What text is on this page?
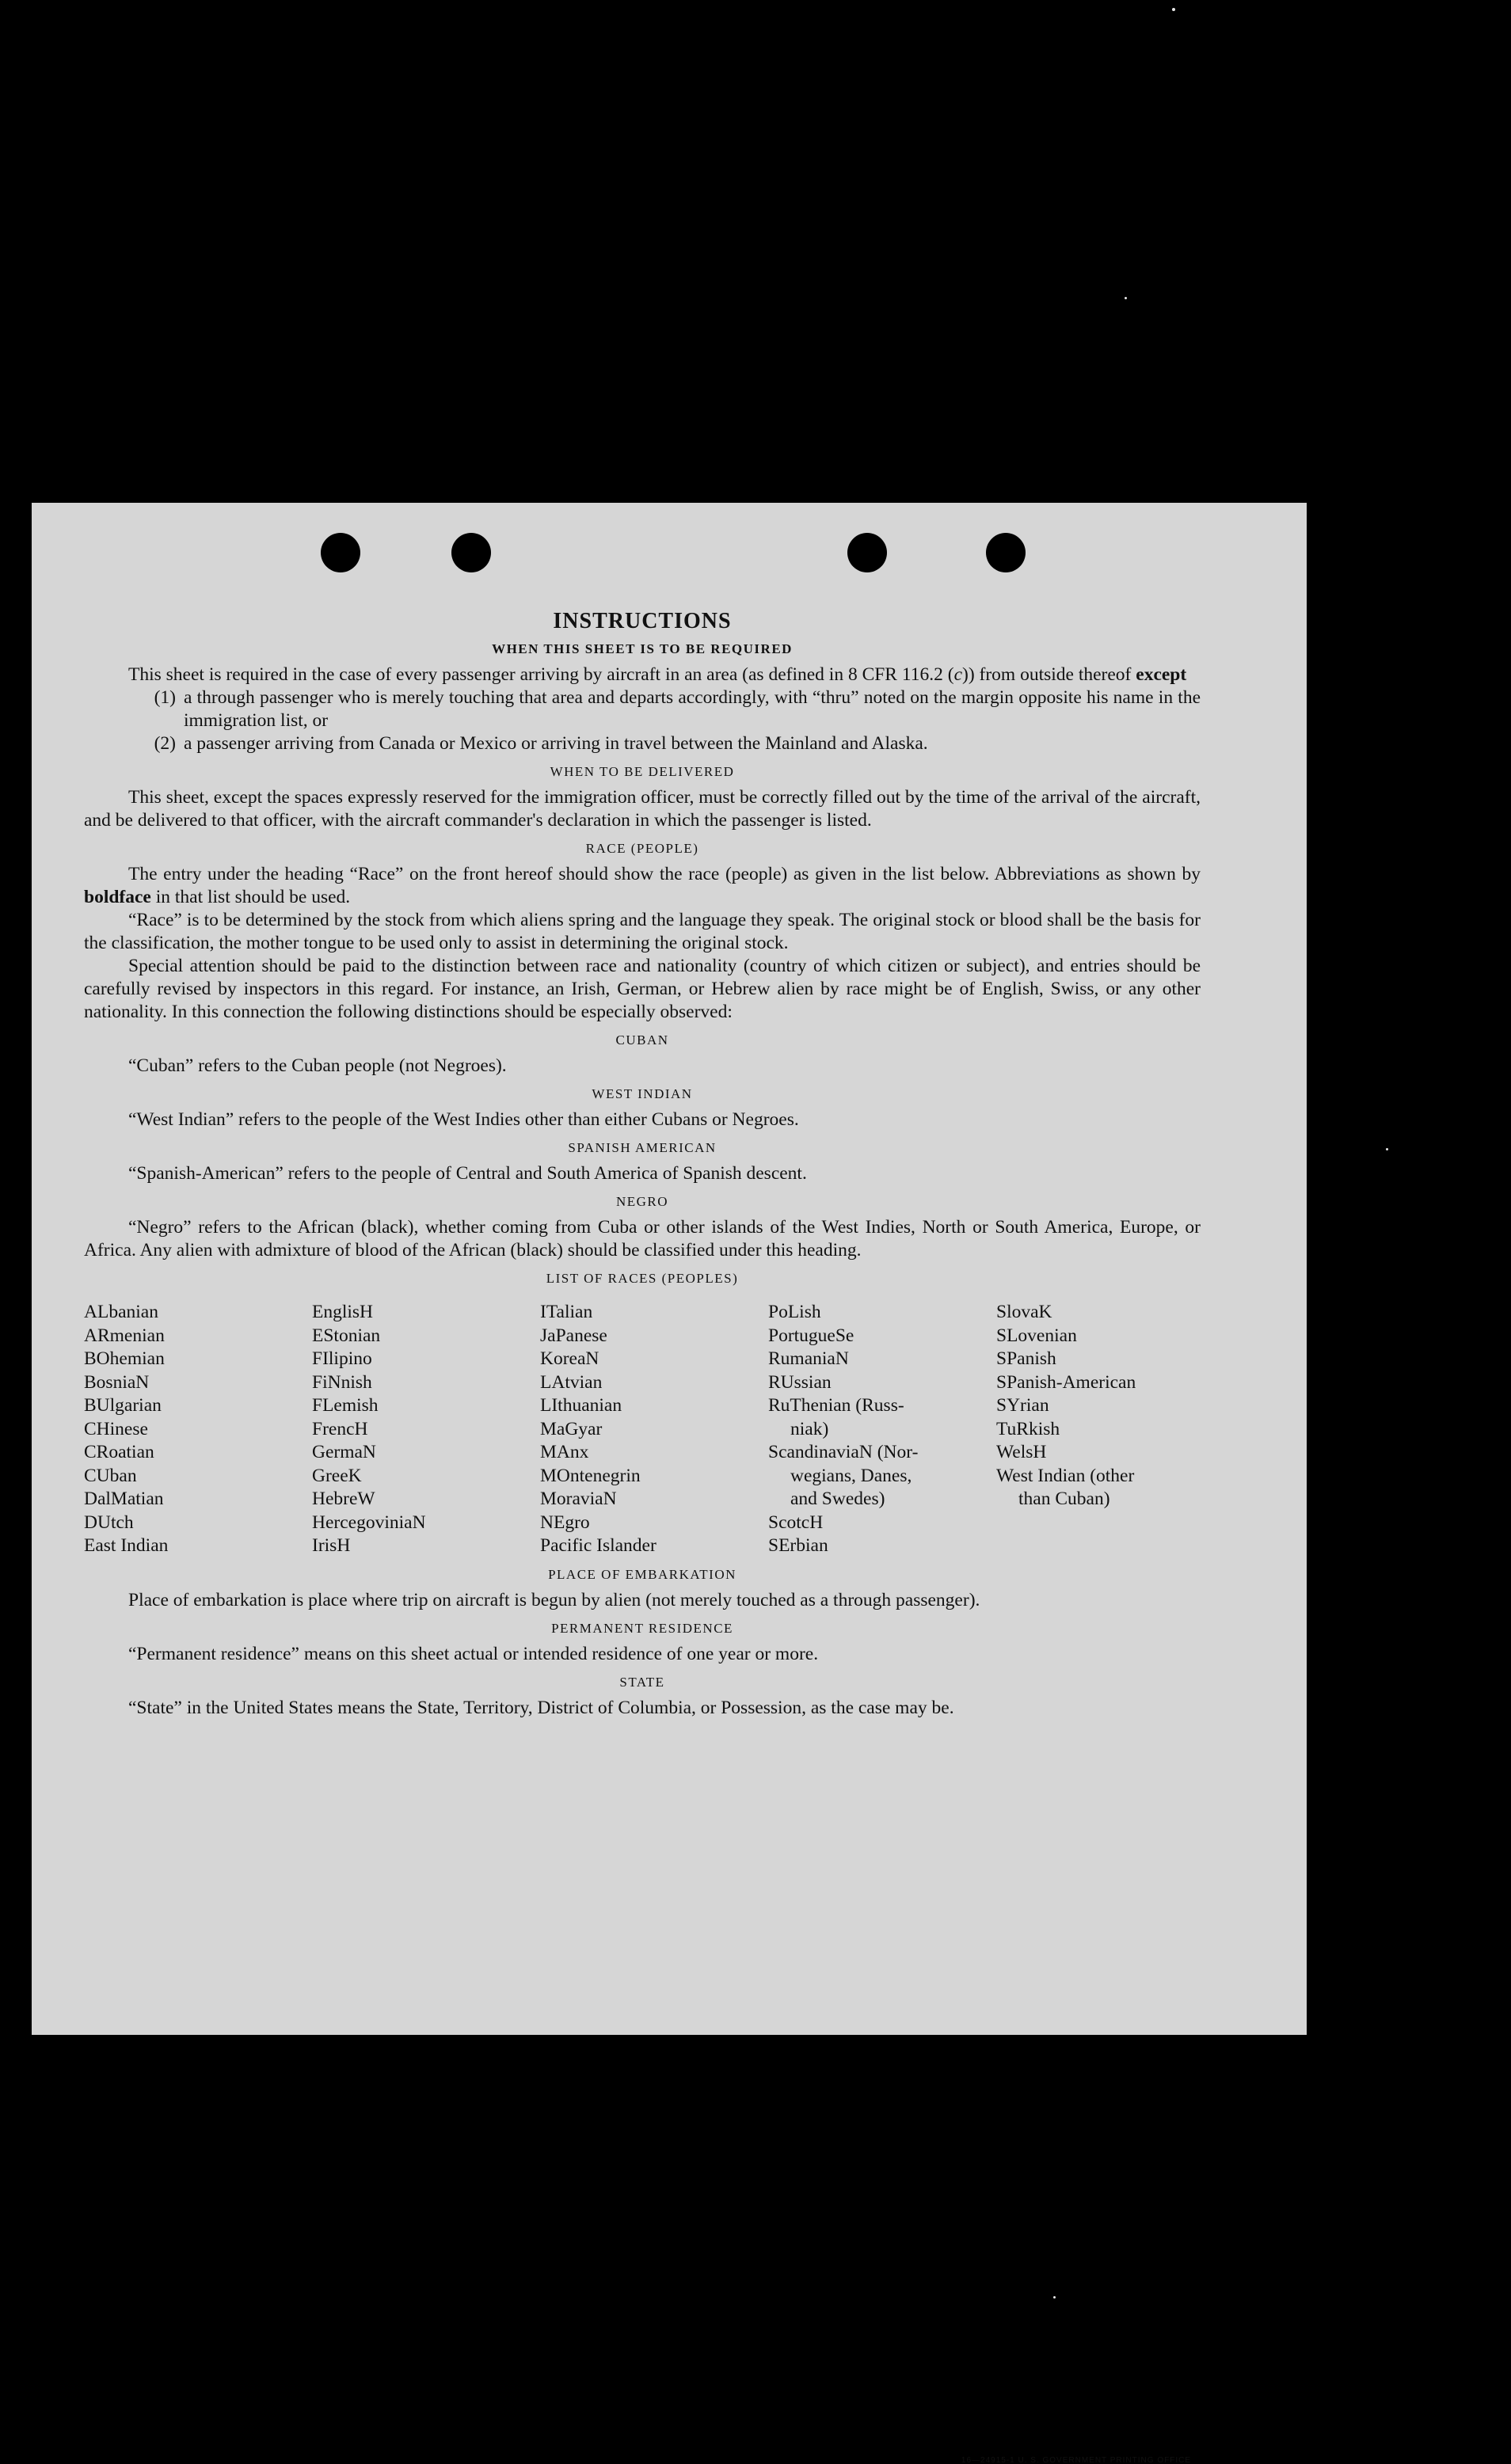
INSTRUCTIONS
WHEN THIS SHEET IS TO BE REQUIRED

This sheet is required in the case of every passenger arriving by aircraft in an area (as defined in 8 CFR 116.2 (c)) from outside thereof except

(1) a through passenger who is merely touching that area and departs accordingly, with “thru” noted on the margin opposite his name in the immigration list, or
(2) a passenger arriving from Canada or Mexico or arriving in travel between the Mainland and Alaska.
WHEN TO BE DELIVERED

This sheet, except the spaces expressly reserved for the immigration officer, must be correctly filled out by the time of the arrival of the aircraft, and be delivered to that officer, with the aircraft commander's declaration in which the passenger is listed.

RACE (PEOPLE)

The entry under the heading “Race” on the front hereof should show the race (people) as given in the list below. Abbreviations as shown by boldface in that list should be used.

“Race” is to be determined by the stock from which aliens spring and the language they speak. The original stock or blood shall be the basis for the classification, the mother tongue to be used only to assist in determining the original stock.

Special attention should be paid to the distinction between race and nationality (country of which citizen or subject), and entries should be carefully revised by inspectors in this regard. For instance, an Irish, German, or Hebrew alien by race might be of English, Swiss, or any other nationality. In this connection the following distinctions should be especially observed:

CUBAN

“Cuban” refers to the Cuban people (not Negroes).

WEST INDIAN

“West Indian” refers to the people of the West Indies other than either Cubans or Negroes.

SPANISH AMERICAN

“Spanish-American” refers to the people of Central and South America of Spanish descent.

NEGRO

“Negro” refers to the African (black), whether coming from Cuba or other islands of the West Indies, North or South America, Europe, or Africa. Any alien with admixture of blood of the African (black) should be classified under this heading.

LIST OF RACES (PEOPLES)
ALbanian
ARmenian
BOhemian
BosniaN
BUlgarian
CHinese
CRoatian
CUban
DalMatian
DUtch
East Indian
EnglisH
EStonian
FIlipino
FiNnish
FLemish
FrencH
GermaN
GreeK
HebreW
HercegoviniaN
IrisH
ITalian
JaPanese
KoreaN
LAtvian
LIthuanian
MaGyar
MAnx
MOntenegrin
MoraviaN
NEgro
Pacific Islander
PoLish
PortugueSe
RumaniaN
RUssian
RuThenian (Russ-
niak)
ScandinaviaN (Nor-
wegians, Danes,
and Swedes)
ScotcH
SErbian
SlovaK
SLovenian
SPanish
SPanish-American
SYrian
TuRkish
WelsH
West Indian (other
than Cuban)
PLACE OF EMBARKATION

Place of embarkation is place where trip on aircraft is begun by alien (not merely touched as a through passenger).

PERMANENT RESIDENCE

“Permanent residence” means on this sheet actual or intended residence of one year or more.

STATE

“State” in the United States means the State, Territory, District of Columbia, or Possession, as the case may be.

16—24915-1 U. S. GOVERNMENT PRINTING OFFICE
